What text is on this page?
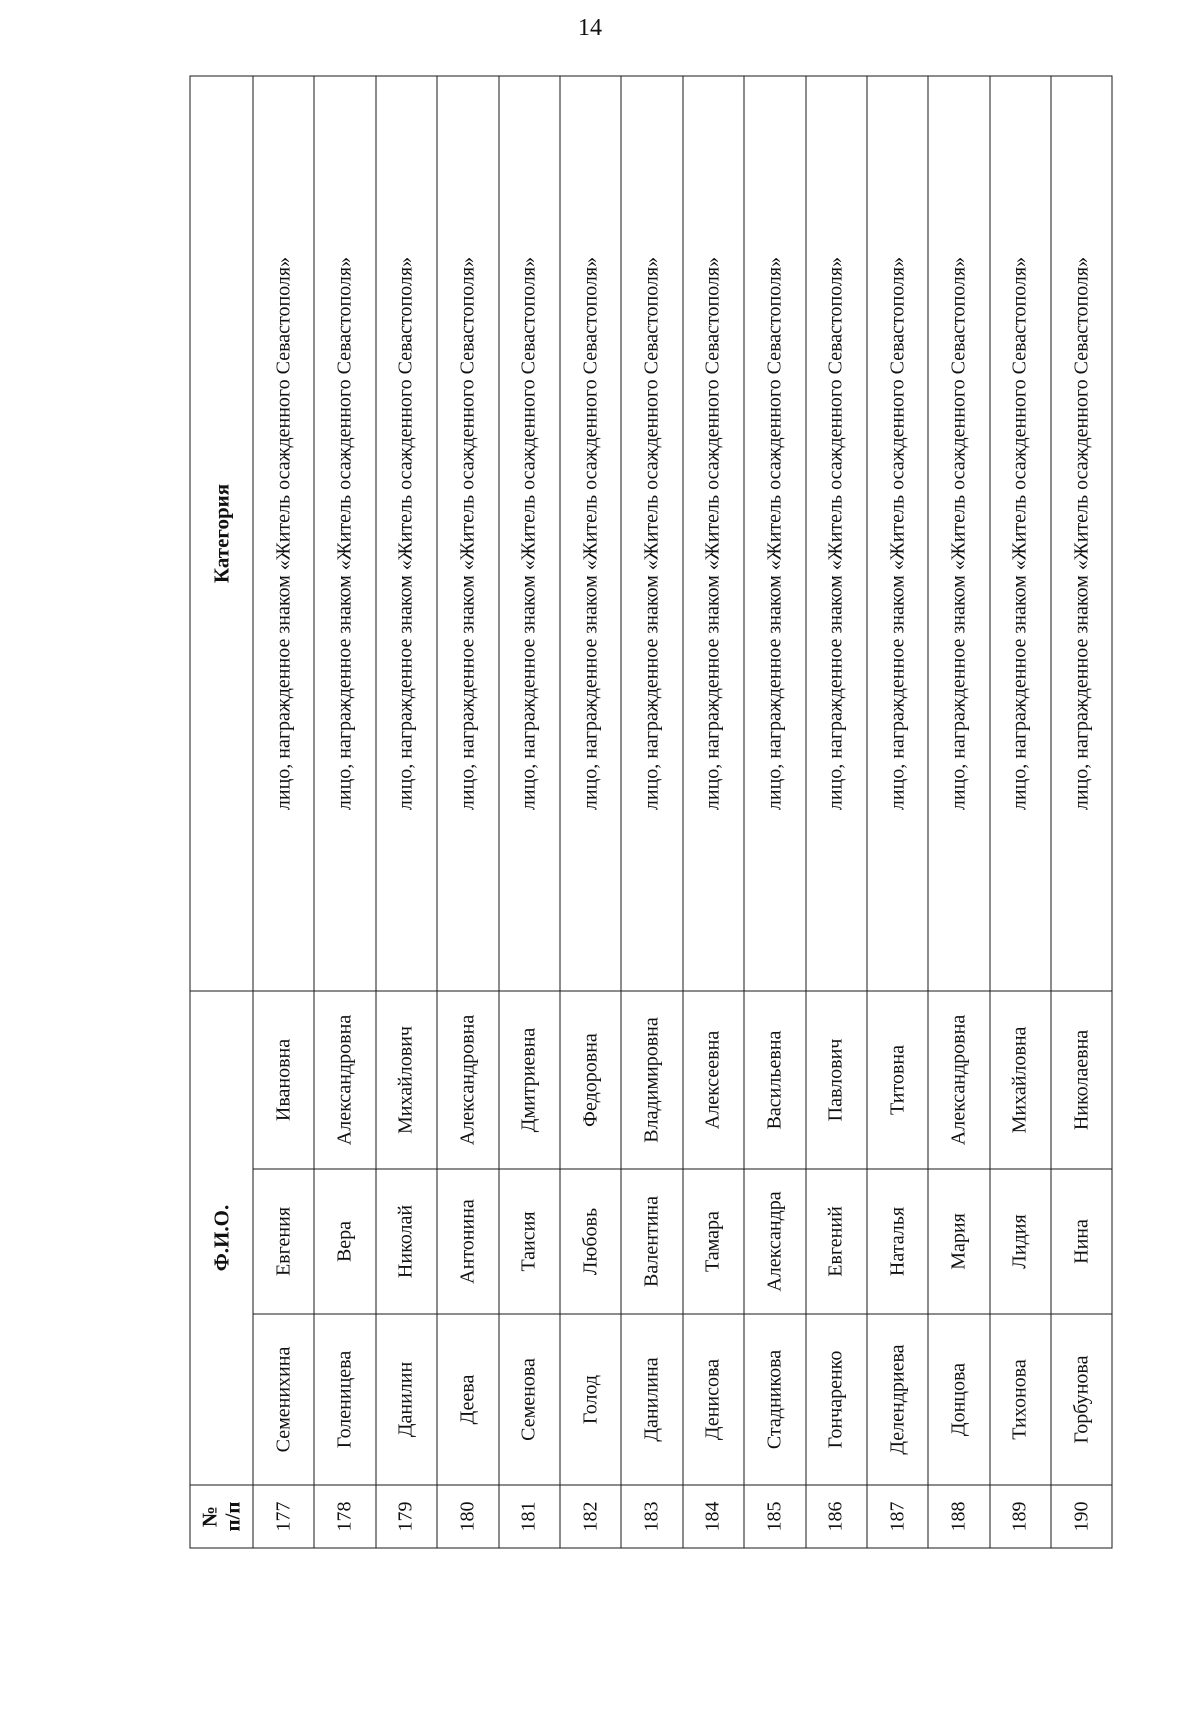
14
№ п/п	Ф.И.О.			Категория
177	Семенихина	Евгения	Ивановна	лицо, награжденное знаком «Житель осажденного Севастополя»
178	Голеницева	Вера	Александровна	лицо, награжденное знаком «Житель осажденного Севастополя»
179	Данилин	Николай	Михайлович	лицо, награжденное знаком «Житель осажденного Севастополя»
180	Деева	Антонина	Александровна	лицо, награжденное знаком «Житель осажденного Севастополя»
181	Семенова	Таисия	Дмитриевна	лицо, награжденное знаком «Житель осажденного Севастополя»
182	Голод	Любовь	Федоровна	лицо, награжденное знаком «Житель осажденного Севастополя»
183	Данилина	Валентина	Владимировна	лицо, награжденное знаком «Житель осажденного Севастополя»
184	Денисова	Тамара	Алексеевна	лицо, награжденное знаком «Житель осажденного Севастополя»
185	Стадникова	Александра	Васильевна	лицо, награжденное знаком «Житель осажденного Севастополя»
186	Гончаренко	Евгений	Павлович	лицо, награжденное знаком «Житель осажденного Севастополя»
187	Делендриева	Наталья	Титовна	лицо, награжденное знаком «Житель осажденного Севастополя»
188	Донцова	Мария	Александровна	лицо, награжденное знаком «Житель осажденного Севастополя»
189	Тихонова	Лидия	Михайловна	лицо, награжденное знаком «Житель осажденного Севастополя»
190	Горбунова	Нина	Николаевна	лицо, награжденное знаком «Житель осажденного Севастополя»
